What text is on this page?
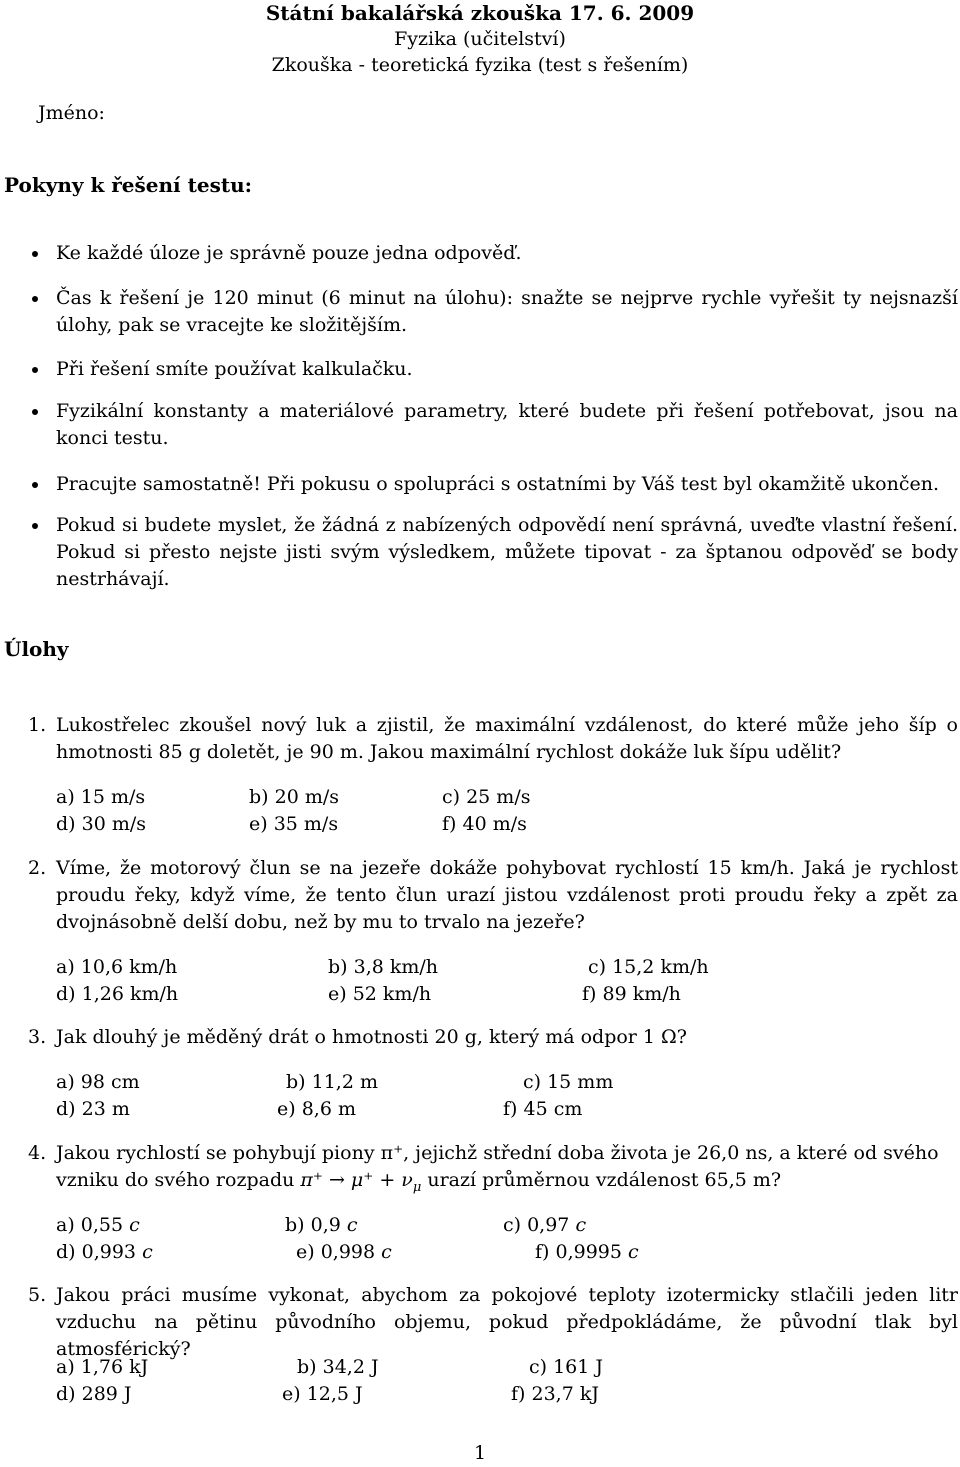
Státní bakalářská zkouška 17. 6. 2009
Fyzika (učitelství)
Zkouška - teoretická fyzika (test s řešením)
Jméno:
Pokyny k řešení testu:
Ke každé úloze je správně pouze jedna odpověď.
Čas k řešení je 120 minut (6 minut na úlohu): snažte se nejprve rychle vyřešit ty nejsnazší úlohy, pak se vracejte ke složitějším.
Při řešení smíte používat kalkulačku.
Fyzikální konstanty a materiálové parametry, které budete při řešení potřebovat, jsou na konci testu.
Pracujte samostatně! Při pokusu o spolupráci s ostatními by Váš test byl okamžitě ukončen.
Pokud si budete myslet, že žádná z nabízených odpovědí není správná, uveďte vlastní řešení. Pokud si přesto nejste jisti svým výsledkem, můžete tipovat - za šptanou odpověď se body nestrhávají.
Úlohy
1. Lukostřelec zkoušel nový luk a zjistil, že maximální vzdálenost, do které může jeho šíp o hmotnosti 85 g doletět, je 90 m. Jakou maximální rychlost dokáže luk šípu udělit?
a) 15 m/s	b) 20 m/s	c) 25 m/s
d) 30 m/s	e) 35 m/s	f) 40 m/s
2. Víme, že motorový člun se na jezeře dokáže pohybovat rychlostí 15 km/h. Jaká je rychlost proudu řeky, když víme, že tento člun urazí jistou vzdálenost proti proudu řeky a zpět za dvojnásobně delší dobu, než by mu to trvalo na jezeře?
a) 10,6 km/h	b) 3,8 km/h	c) 15,2 km/h
d) 1,26 km/h	e) 52 km/h	f) 89 km/h
3. Jak dlouhý je měděný drát o hmotnosti 20 g, který má odpor 1 Ω?
a) 98 cm	b) 11,2 m	c) 15 mm
d) 23 m	e) 8,6 m	f) 45 cm
4. Jakou rychlostí se pohybují piony π⁺, jejichž střední doba života je 26,0 ns, a které od svého
vzniku do svého rozpadu $\pi^+ \to \mu^+ + \nu_\mu$ urazí průměrnou vzdálenost 65,5 m?
a) 0,55 c	b) 0,9 c	c) 0,97 c
d) 0,993 c	e) 0,998 c	f) 0,9995 c
5. Jakou práci musíme vykonat, abychom za pokojové teploty izotermicky stlačili jeden litr vzduchu na pětinu původního objemu, pokud předpokládáme, že původní tlak byl atmosférický?
a) 1,76 kJ	b) 34,2 J	c) 161 J
d) 289 J	e) 12,5 J	f) 23,7 kJ
1
